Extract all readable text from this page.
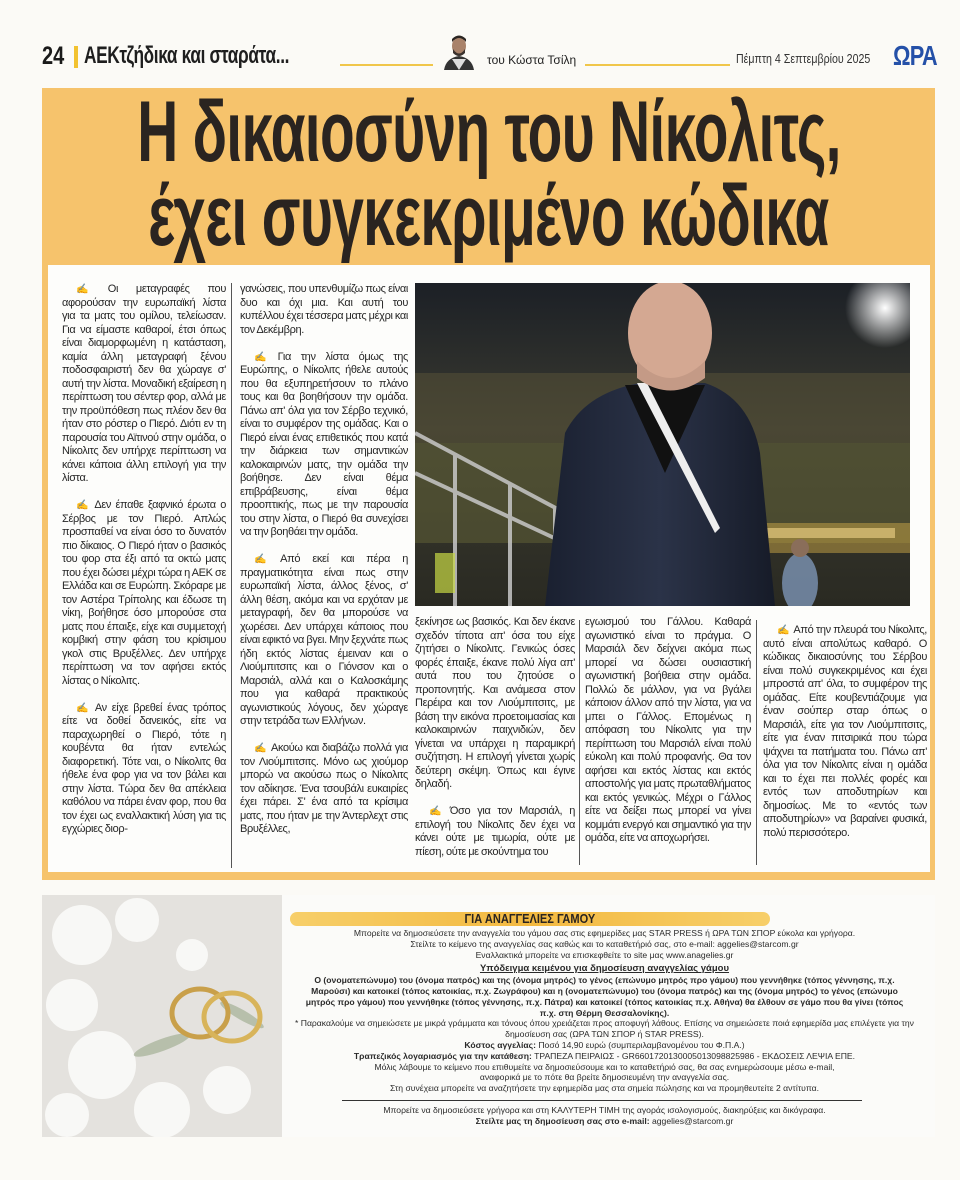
24 ΑΕΚτζήδικα και σταράτα...	του Κώστα Τσίλη	Πέμπτη 4 Σεπτεμβρίου 2025 ΩΡΑ
Η δικαιοσύνη του Νίκολιτς,
έχει συγκεκριμένο κώδικα

✍ Οι μεταγραφές που αφορούσαν την ευρωπαϊκή λίστα για τα ματς του ομίλου, τελείωσαν. Για να είμαστε καθαροί, έτσι όπως είναι διαμορφωμένη η κατάσταση, καμία άλλη μεταγραφή ξένου ποδοσφαιριστή δεν θα χώραγε σ' αυτή την λίστα. Μοναδική εξαίρεση η περίπτωση του σέντερ φορ, αλλά με την προϋπόθεση πως πλέον δεν θα ήταν στο ρόστερ ο Πιερό. Διότι εν τη παρουσία του Αϊτινού στην ομάδα, ο Νίκολιτς δεν υπήρχε περίπτωση να κάνει κάποια άλλη επιλογή για την λίστα.

✍ Δεν έπαθε ξαφνικό έρωτα ο Σέρβος με τον Πιερό. Απλώς προσπαθεί να είναι όσο το δυνατόν πιο δίκαιος. Ο Πιερό ήταν ο βασικός του φορ στα έξι από τα οκτώ ματς που έχει δώσει μέχρι τώρα η ΑΕΚ σε Ελλάδα και σε Ευρώπη. Σκόραρε με τον Αστέρα Τρίπολης και έδωσε τη νίκη, βοήθησε όσο μπορούσε στα ματς που έπαιξε, είχε και συμμετοχή κομβική στην φάση του κρίσιμου γκολ στις Βρυξέλλες. Δεν υπήρχε περίπτωση να τον αφήσει εκτός λίστας ο Νίκολιτς.

✍ Αν είχε βρεθεί ένας τρόπος είτε να δοθεί δανεικός, είτε να παραχωρηθεί ο Πιερό, τότε η κουβέντα θα ήταν εντελώς διαφορετική. Τότε ναι, ο Νίκολιτς θα ήθελε ένα φορ για να τον βάλει και στην λίστα. Τώρα δεν θα απέκλεια καθόλου να πάρει έναν φορ, που θα τον έχει ως εναλλακτική λύση για τις εγχώριες διορ-

γανώσεις, που υπενθυμίζω πως είναι δυο και όχι μια. Και αυτή του κυπέλλου έχει τέσσερα ματς μέχρι και τον Δεκέμβρη.

✍ Για την λίστα όμως της Ευρώπης, ο Νίκολιτς ήθελε αυτούς που θα εξυπηρετήσουν το πλάνο τους και θα βοηθήσουν την ομάδα. Πάνω απ' όλα για τον Σέρβο τεχνικό, είναι το συμφέρον της ομάδας. Και ο Πιερό είναι ένας επιθετικός που κατά την διάρκεια των σημαντικών καλοκαιρινών ματς, την ομάδα την βοήθησε. Δεν είναι θέμα επιβράβευσης, είναι θέμα προοπτικής, πως με την παρουσία του στην λίστα, ο Πιερό θα συνεχίσει να την βοηθάει την ομάδα.

✍ Από εκεί και πέρα η πραγματικότητα είναι πως στην ευρωπαϊκή λίστα, άλλος ξένος, σ' άλλη θέση, ακόμα και να ερχόταν με μεταγραφή, δεν θα μπορούσε να χωρέσει. Δεν υπάρχει κάποιος που είναι εφικτό να βγει. Μην ξεχνάτε πως ήδη εκτός λίστας έμειναν και ο Λιούμπιτσιτς και ο Γιόνσον και ο Μαρσιάλ, αλλά και ο Καλοσκάμης που για καθαρά πρακτικούς αγωνιστικούς λόγους, δεν χώραγε στην τετράδα των Ελλήνων.

✍ Ακούω και διαβάζω πολλά για τον Λιούμπιτσιτς. Μόνο ως χιούμορ μπορώ να ακούσω πως ο Νίκολιτς τον αδίκησε. Ένα τσουβάλι ευκαιρίες έχει πάρει. Σ' ένα από τα κρίσιμα ματς, που ήταν με την Άντερλεχτ στις Βρυξέλλες,

ξεκίνησε ως βασικός. Και δεν έκανε σχεδόν τίποτα απ' όσα του είχε ζητήσει ο Νίκολιτς. Γενικώς όσες φορές έπαιξε, έκανε πολύ λίγα απ' αυτά που του ζητούσε ο προπονητής. Και ανάμεσα στον Περέιρα και τον Λιούμπιτσιτς, με βάση την εικόνα προετοιμασίας και καλοκαιρινών παιχνιδιών, δεν γίνεται να υπάρχει η παραμικρή συζήτηση. Η επιλογή γίνεται χωρίς δεύτερη σκέψη. Όπως και έγινε δηλαδή.

✍ Όσο για τον Μαρσιάλ, η επιλογή του Νίκολιτς δεν έχει να κάνει ούτε με τιμωρία, ούτε με πίεση, ούτε με σκούντημα του

εγωισμού του Γάλλου. Καθαρά αγωνιστικό είναι το πράγμα. Ο Μαρσιάλ δεν δείχνει ακόμα πως μπορεί να δώσει ουσιαστική αγωνιστική βοήθεια στην ομάδα. Πολλώ δε μάλλον, για να βγάλει κάποιον άλλον από την λίστα, για να μπει ο Γάλλος. Επομένως η απόφαση του Νίκολιτς για την περίπτωση του Μαρσιάλ είναι πολύ εύκολη και πολύ προφανής. Θα τον αφήσει και εκτός λίστας και εκτός αποστολής για ματς πρωταθλήματος και εκτός γενικώς. Μέχρι ο Γάλλος είτε να δείξει πως μπορεί να γίνει κομμάτι ενεργό και σημαντικό για την ομάδα, είτε να αποχωρήσει.

✍ Από την πλευρά του Νίκολιτς, αυτό είναι απολύτως καθαρό. Ο κώδικας δικαιοσύνης του Σέρβου είναι πολύ συγκεκριμένος και έχει μπροστά απ' όλα, το συμφέρον της ομάδας. Είτε κουβεντιάζουμε για έναν σούπερ σταρ όπως ο Μαρσιάλ, είτε για τον Λιούμπιτσιτς, είτε για έναν πιτσιρικά που τώρα ψάχνει τα πατήματα του. Πάνω απ' όλα για τον Νίκολιτς είναι η ομάδα και το έχει πει πολλές φορές και εντός των αποδυτηρίων και δημοσίως. Με το «εντός των αποδυτηρίων» να βαραίνει φυσικά, πολύ περισσότερο.

ΓΙΑ ΑΝΑΓΓΕΛΙΕΣ ΓΑΜΟΥ
Μπορείτε να δημοσιεύσετε την αναγγελία του γάμου σας στις εφημερίδες μας STAR PRESS ή ΩΡΑ ΤΩΝ ΣΠΟΡ εύκολα και γρήγορα.
Στείλτε το κείμενο της αναγγελίας σας καθώς και το καταθετήριό σας, στο e-mail: aggelies@starcom.gr
Εναλλακτικά μπορείτε να επισκεφθείτε το site μας www.anagelies.gr
Υπόδειγμα κειμένου για δημοσίευση αναγγελίας γάμου
Ο (ονοματεπώνυμο) του (όνομα πατρός) και της (όνομα μητρός) το γένος (επώνυμο μητρός προ γάμου) που γεννήθηκε (τόπος γέννησης, π.χ. Μαρούσι) και κατοικεί (τόπος κατοικίας, π.χ. Ζωγράφου) και η (ονοματεπώνυμο) του (όνομα πατρός) και της (όνομα μητρός) το γένος (επώνυμο μητρός προ γάμου) που γεννήθηκε (τόπος γέννησης, π.χ. Πάτρα) και κατοικεί (τόπος κατοικίας π.χ. Αθήνα) θα έλθουν σε γάμο που θα γίνει (τόπος π.χ. στη Θέρμη Θεσσαλονίκης).
* Παρακαλούμε να σημειώσετε με μικρά γράμματα και τόνους όπου χρειάζεται προς αποφυγή λάθους. Επίσης να σημειώσετε ποιά εφημερίδα μας επιλέγετε για την δημοσίευση σας (ΩΡΑ ΤΩΝ ΣΠΟΡ ή STAR PRESS).
Κόστος αγγελίας: Ποσό 14,90 ευρώ (συμπεριλαμβανομένου του Φ.Π.Α.)
Τραπεζικός λογαριασμός για την κατάθεση: ΤΡΑΠΕΖΑ ΠΕΙΡΑΙΩΣ - GR6601720130005013098825986 - ΕΚΔΟΣΕΙΣ ΛΕΨΙΑ ΕΠΕ.
Μόλις λάβουμε το κείμενο που επιθυμείτε να δημοσιεύσουμε και το καταθετήριό σας, θα σας ενημερώσουμε μέσω e-mail,
αναφορικά με το πότε θα βρείτε δημοσιευμένη την αναγγελία σας.
Στη συνέχεια μπορείτε να αναζητήσετε την εφημερίδα μας στα σημεία πώλησης και να προμηθευτείτε 2 αντίτυπα.
Μπορείτε να δημοσιεύσετε γρήγορα και στη ΚΑΛΥΤΕΡΗ ΤΙΜΗ της αγοράς ισολογισμούς, διακηρύξεις και δικόγραφα.
Στείλτε μας τη δημοσίευση σας στο e-mail: aggelies@starcom.gr
